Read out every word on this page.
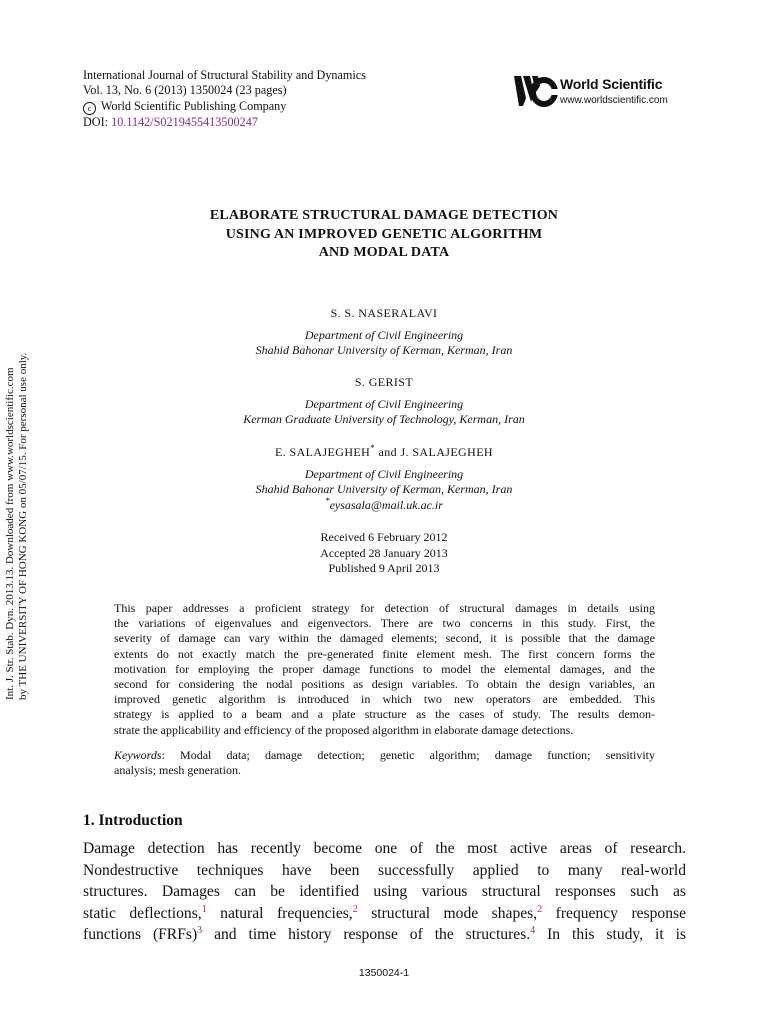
International Journal of Structural Stability and Dynamics
Vol. 13, No. 6 (2013) 1350024 (23 pages)
c World Scientific Publishing Company
DOI: 10.1142/S0219455413500247
World Scientific
www.worldscientific.com
Int. J. Str. Stab. Dyn. 2013.13. Downloaded from www.worldscientific.com by THE UNIVERSITY OF HONG KONG on 05/07/15. For personal use only.
ELABORATE STRUCTURAL DAMAGE DETECTION
USING AN IMPROVED GENETIC ALGORITHM
AND MODAL DATA
S. S. NASERALAVI
Department of Civil Engineering
Shahid Bahonar University of Kerman, Kerman, Iran
S. GERIST
Department of Civil Engineering
Kerman Graduate University of Technology, Kerman, Iran
E. SALAJEGHEH* and J. SALAJEGHEH
Department of Civil Engineering
Shahid Bahonar University of Kerman, Kerman, Iran
*eysasala@mail.uk.ac.ir
Received 6 February 2012
Accepted 28 January 2013
Published 9 April 2013
This paper addresses a proficient strategy for detection of structural damages in details using
the variations of eigenvalues and eigenvectors. There are two concerns in this study. First, the
severity of damage can vary within the damaged elements; second, it is possible that the damage
extents do not exactly match the pre-generated finite element mesh. The first concern forms the
motivation for employing the proper damage functions to model the elemental damages, and the
second for considering the nodal positions as design variables. To obtain the design variables, an
improved genetic algorithm is introduced in which two new operators are embedded. This
strategy is applied to a beam and a plate structure as the cases of study. The results demon-
strate the applicability and efficiency of the proposed algorithm in elaborate damage detections.
Keywords: Modal data; damage detection; genetic algorithm; damage function; sensitivity
analysis; mesh generation.
1. Introduction
Damage detection has recently become one of the most active areas of research.
Nondestructive techniques have been successfully applied to many real-world
structures. Damages can be identified using various structural responses such as
static deflections,$^1$ natural frequencies,$^2$ structural mode shapes,$^2$ frequency response
functions (FRFs)$^3$ and time history response of the structures.$^4$ In this study, it is
1350024-1
